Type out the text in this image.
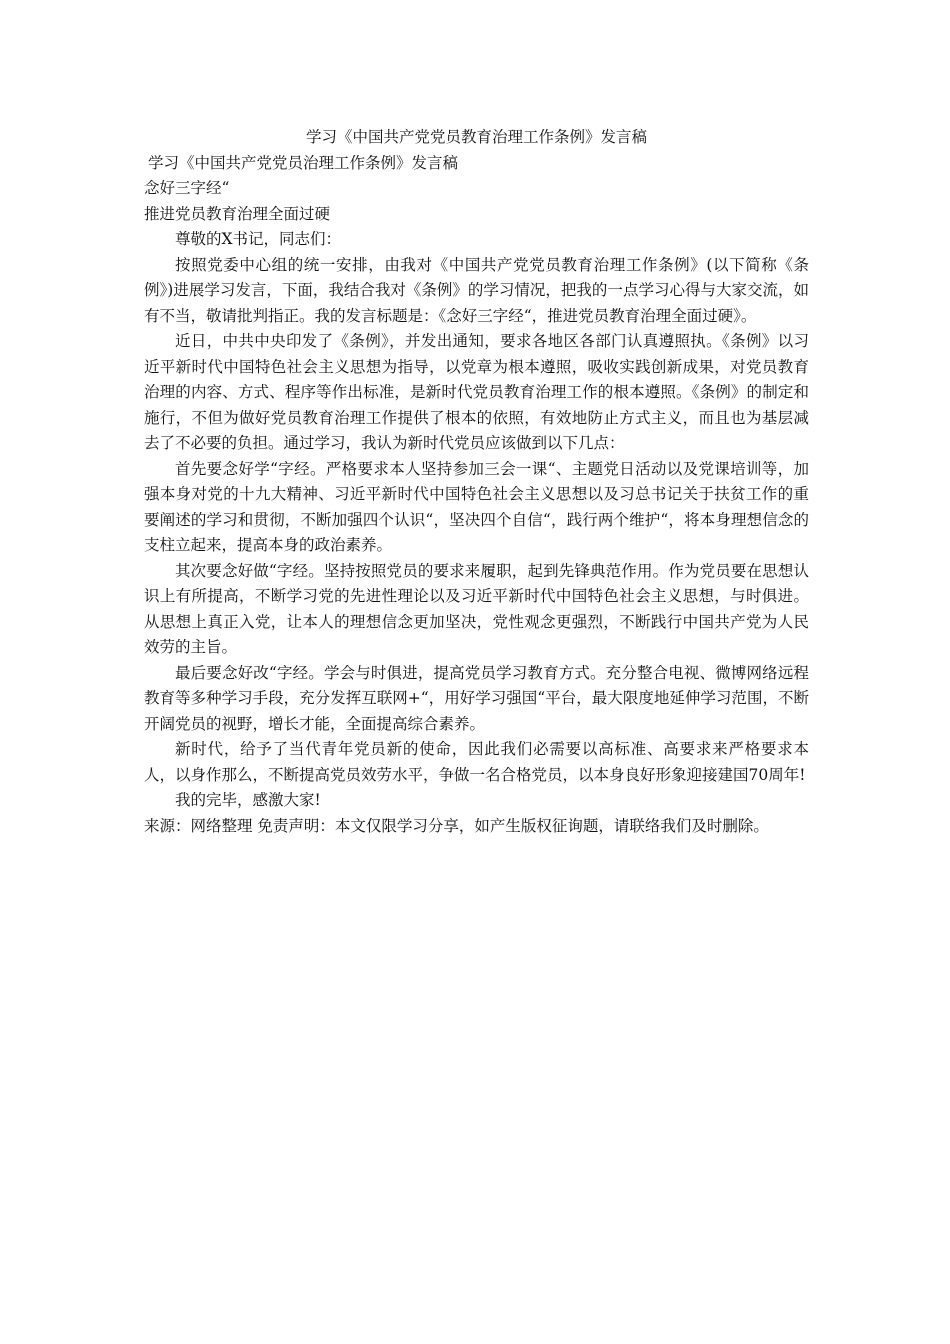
学习《中国共产党党员教育治理工作条例》发言稿

学习《中国共产党党员治理工作条例》发言稿

念好三字经“

推进党员教育治理全面过硬

尊敬的X书记，同志们：

按照党委中心组的统一安排，由我对《中国共产党党员教育治理工作条例》(以下简称《条例》)进展学习发言，下面，我结合我对《条例》的学习情况，把我的一点学习心得与大家交流，如有不当，敬请批判指正。我的发言标题是：《念好三字经“，推进党员教育治理全面过硬》。

近日，中共中央印发了《条例》，并发出通知，要求各地区各部门认真遵照执。《条例》以习近平新时代中国特色社会主义思想为指导，以党章为根本遵照，吸收实践创新成果，对党员教育治理的内容、方式、程序等作出标准，是新时代党员教育治理工作的根本遵照。《条例》的制定和施行，不但为做好党员教育治理工作提供了根本的依照，有效地防止方式主义，而且也为基层减去了不必要的负担。通过学习，我认为新时代党员应该做到以下几点：

首先要念好学“字经。严格要求本人坚持参加三会一课“、主题党日活动以及党课培训等，加强本身对党的十九大精神、习近平新时代中国特色社会主义思想以及习总书记关于扶贫工作的重要阐述的学习和贯彻，不断加强四个认识“，坚决四个自信“，践行两个维护“，将本身理想信念的支柱立起来，提高本身的政治素养。

其次要念好做“字经。坚持按照党员的要求来履职，起到先锋典范作用。作为党员要在思想认识上有所提高，不断学习党的先进性理论以及习近平新时代中国特色社会主义思想，与时俱进。从思想上真正入党，让本人的理想信念更加坚决，党性观念更强烈，不断践行中国共产党为人民效劳的主旨。

最后要念好改“字经。学会与时俱进，提高党员学习教育方式。充分整合电视、微博网络远程教育等多种学习手段，充分发挥互联网+“，用好学习强国“平台，最大限度地延伸学习范围，不断开阔党员的视野，增长才能，全面提高综合素养。

新时代，给予了当代青年党员新的使命，因此我们必需要以高标准、高要求来严格要求本人，以身作那么，不断提高党员效劳水平，争做一名合格党员，以本身良好形象迎接建国70周年!

我的完毕，感激大家!

来源：网络整理 免责声明：本文仅限学习分享，如产生版权征询题，请联络我们及时删除。
